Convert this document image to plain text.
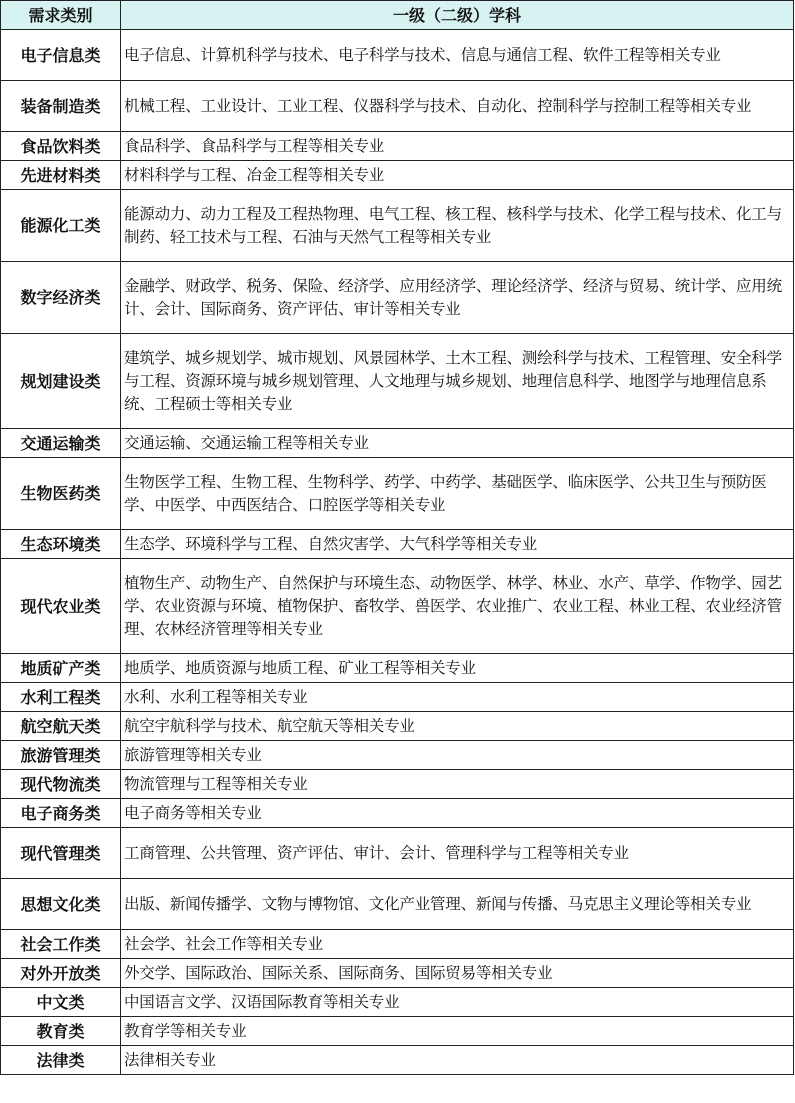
需求类别	一级（二级）学科
电子信息类	电子信息、计算机科学与技术、电子科学与技术、信息与通信工程、软件工程等相关专业
装备制造类	机械工程、工业设计、工业工程、仪器科学与技术、自动化、控制科学与控制工程等相关专业
食品饮料类	食品科学、食品科学与工程等相关专业
先进材料类	材料科学与工程、冶金工程等相关专业
能源化工类	能源动力、动力工程及工程热物理、电气工程、核工程、核科学与技术、化学工程与技术、化工与制药、轻工技术与工程、石油与天然气工程等相关专业
数字经济类	金融学、财政学、税务、保险、经济学、应用经济学、理论经济学、经济与贸易、统计学、应用统计、会计、国际商务、资产评估、审计等相关专业
规划建设类	建筑学、城乡规划学、城市规划、风景园林学、土木工程、测绘科学与技术、工程管理、安全科学与工程、资源环境与城乡规划管理、人文地理与城乡规划、地理信息科学、地图学与地理信息系统、工程硕士等相关专业
交通运输类	交通运输、交通运输工程等相关专业
生物医药类	生物医学工程、生物工程、生物科学、药学、中药学、基础医学、临床医学、公共卫生与预防医学、中医学、中西医结合、口腔医学等相关专业
生态环境类	生态学、环境科学与工程、自然灾害学、大气科学等相关专业
现代农业类	植物生产、动物生产、自然保护与环境生态、动物医学、林学、林业、水产、草学、作物学、园艺学、农业资源与环境、植物保护、畜牧学、兽医学、农业推广、农业工程、林业工程、农业经济管理、农林经济管理等相关专业
地质矿产类	地质学、地质资源与地质工程、矿业工程等相关专业
水利工程类	水利、水利工程等相关专业
航空航天类	航空宇航科学与技术、航空航天等相关专业
旅游管理类	旅游管理等相关专业
现代物流类	物流管理与工程等相关专业
电子商务类	电子商务等相关专业
现代管理类	工商管理、公共管理、资产评估、审计、会计、管理科学与工程等相关专业
思想文化类	出版、新闻传播学、文物与博物馆、文化产业管理、新闻与传播、马克思主义理论等相关专业
社会工作类	社会学、社会工作等相关专业
对外开放类	外交学、国际政治、国际关系、国际商务、国际贸易等相关专业
中文类	中国语言文学、汉语国际教育等相关专业
教育类	教育学等相关专业
法律类	法律相关专业
